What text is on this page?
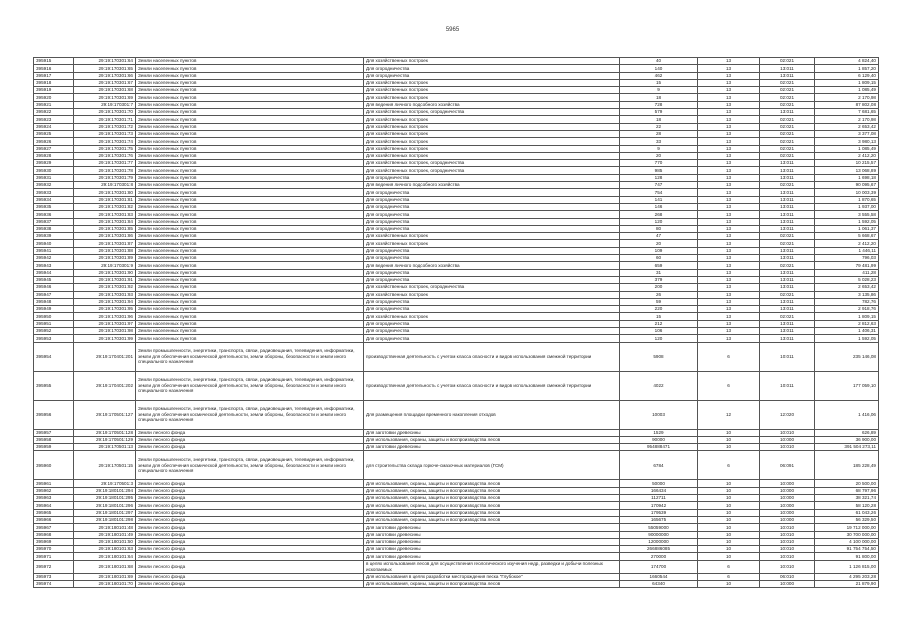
5965
395915	29:19:170301:64	Земли населенных пунктов	Для хозяйственных построек	40	13	02:021	4 824,40
395916	29:19:170301:65	Земли населенных пунктов	Для огородничества	140	13	13:011	1 857,20
395917	29:19:170301:66	Земли населенных пунктов	Для огородничества	462	13	13:011	6 129,40
395918	29:19:170301:67	Земли населенных пунктов	Для хозяйственных построек	15	13	02:021	1 809,15
395919	29:19:170301:68	Земли населенных пунктов	Для хозяйственных построек	9	13	02:021	1 085,49
395920	29:19:170301:69	Земли населенных пунктов	Для хозяйственных построек	18	13	02:021	2 170,98
395921	29:19:170301:7	Земли населенных пунктов	Для ведения личного подсобного хозяйства	728	13	02:021	87 802,08
395922	29:19:170301:70	Земли населенных пунктов	Для хозяйственных построек, огородничества	579	13	13:011	7 681,65
395923	29:19:170301:71	Земли населенных пунктов	Для хозяйственных построек	18	13	02:021	2 170,98
395924	29:19:170301:72	Земли населенных пунктов	Для хозяйственных построек	22	13	02:021	2 653,42
395925	29:19:170301:73	Земли населенных пунктов	Для хозяйственных построек	28	13	02:021	3 377,08
395926	29:19:170301:74	Земли населенных пунктов	Для хозяйственных построек	33	13	02:021	3 980,13
395927	29:19:170301:75	Земли населенных пунктов	Для хозяйственных построек	9	13	02:021	1 085,49
395928	29:19:170301:76	Земли населенных пунктов	Для хозяйственных построек	20	13	02:021	2 412,20
395929	29:19:170301:77	Земли населенных пунктов	Для хозяйственных построек, огородничества	770	13	13:011	10 215,57
395930	29:19:170301:78	Земли населенных пунктов	Для хозяйственных построек, огородничества	985	13	13:011	13 068,89
395931	29:19:170301:79	Земли населенных пунктов	Для огородничества	128	13	13:011	1 698,18
395932	29:19:170301:8	Земли населенных пунктов	Для ведения личного подсобного хозяйства	747	13	02:021	90 095,67
395933	29:19:170301:80	Земли населенных пунктов	Для огородничества	754	13	13:011	10 003,39
395934	29:19:170301:81	Земли населенных пунктов	Для огородничества	141	13	13:011	1 870,65
395935	29:19:170301:82	Земли населенных пунктов	Для огородничества	146	13	13:011	1 937,00
395936	29:19:170301:83	Земли населенных пунктов	Для огородничества	268	13	13:011	3 555,58
395937	29:19:170301:84	Земли населенных пунктов	Для огородничества	120	13	13:011	1 592,05
395938	29:19:170301:85	Земли населенных пунктов	Для огородничества	80	13	13:011	1 061,37
395939	29:19:170301:86	Земли населенных пунктов	Для хозяйственных построек	47	13	02:021	5 668,67
395940	29:19:170301:87	Земли населенных пунктов	Для хозяйственных построек	20	13	02:021	2 412,20
395941	29:19:170301:88	Земли населенных пунктов	Для огородничества	109	13	13:011	1 446,11
395942	29:19:170301:89	Земли населенных пунктов	Для огородничества	60	13	13:011	796,03
395943	29:19:170301:9	Земли населенных пунктов	Для ведения личного подсобного хозяйства	659	13	02:021	79 481,99
395944	29:19:170301:90	Земли населенных пунктов	Для огородничества	31	13	13:011	411,28
395945	29:19:170301:91	Земли населенных пунктов	Для огородничества	379	13	13:011	5 028,23
395946	29:19:170301:92	Земли населенных пунктов	Для хозяйственных построек, огородничества	200	13	13:011	2 653,42
395947	29:19:170301:93	Земли населенных пунктов	Для хозяйственных построек	26	13	02:021	3 135,86
395948	29:19:170301:94	Земли населенных пунктов	Для огородничества	59	13	13:011	782,76
395949	29:19:170301:95	Земли населенных пунктов	Для огородничества	220	13	13:011	2 918,76
395950	29:19:170301:96	Земли населенных пунктов	Для хозяйственных построек	15	13	02:021	1 809,15
395951	29:19:170301:97	Земли населенных пунктов	Для огородничества	212	13	13:011	2 812,63
395952	29:19:170301:98	Земли населенных пунктов	Для огородничества	106	13	13:011	1 406,31
395953	29:19:170301:99	Земли населенных пунктов	Для огородничества	120	13	13:011	1 592,05
395954	29:19:170401:201	Земли промышленности, энергетики, транспорта, связи, радиовещания, телевидения, информатики, земли для обеспечения космической деятельности, земли обороны, безопасности и земли иного специального назначения	производственная деятельность с учетом класса опасности и видов использования смежной территории	5908	6	10:011	235 146,08
395955	29:19:170401:202	Земли промышленности, энергетики, транспорта, связи, радиовещания, телевидения, информатики, земли для обеспечения космической деятельности, земли обороны, безопасности и земли иного специального назначения	производственная деятельность с учетом класса опасности и видов использования смежной территории	4022	6	10:011	177 059,10
395956	29:19:170501:127	Земли промышленности, энергетики, транспорта, связи, радиовещания, телевидения, информатики, земли для обеспечения космической деятельности, земли обороны, безопасности и земли иного специального назначения	Для размещения площадки временного накопления отходов	10003	12	12:020	1 416,06
395957	29:19:170501:128	Земли лесного фонда	Для заготовки древесины	1529	10	10:010	626,89
395958	29:19:170501:129	Земли лесного фонда	Для использования, охраны, защиты и воспроизводства лесов	90000	10	10:000	36 900,00
395959	29:19:170501:13	Земли лесного фонда	Для заготовки древесины	954888471	10	10:010	391 504 273,11
395960	29:19:170501:15	Земли промышленности, энергетики, транспорта, связи, радиовещания, телевидения, информатики, земли для обеспечения космической деятельности, земли обороны, безопасности и земли иного специального назначения	для строительства склада горюче-смазочных материалов (ГСМ)	6784	6	06:091	185 228,49
395961	29:19:170501:3	Земли лесного фонда	Для использования, охраны, защиты и воспроизводства лесов	50000	10	10:000	20 500,00
395962	29:19:180101:294	Земли лесного фонда	Для использования, охраны, защиты и воспроизводства лесов	166434	10	10:000	68 797,96
395963	29:19:180101:295	Земли лесного фонда	Для использования, охраны, защиты и воспроизводства лесов	112711	10	10:000	38 321,74
395964	29:19:180101:296	Земли лесного фонда	Для использования, охраны, защиты и воспроизводства лесов	170942	10	10:000	58 120,28
395965	29:19:180101:297	Земли лесного фонда	Для использования, охраны, защиты и воспроизводства лесов	179539	10	10:000	61 043,26
395966	29:19:180101:298	Земли лесного фонда	Для использования, охраны, защиты и воспроизводства лесов	165675	10	10:000	56 329,50
395967	29:19:180101:48	Земли лесного фонда	Для заготовки древесины	55059000	10	10:010	19 712 000,00
395968	29:19:180101:49	Земли лесного фонда	Для заготовки древесины	90000000	10	10:010	30 700 000,00
395969	29:19:180101:50	Земли лесного фонда	Для заготовки древесины	12000000	10	10:010	4 100 000,00
395970	29:19:180101:63	Земли лесного фонда	Для заготовки древесины	266886085	10	10:010	91 754 754,50
395971	29:19:180101:64	Земли лесного фонда	Для заготовки древесины	270000	10	10:010	91 800,00
395972	29:19:180101:68	Земли лесного фонда	в целях использования лесов для осуществления геологического изучения недр, разведки и добычи полезных ископаемых	174700	6	10:010	1 126 815,00
395973	29:19:180101:69	Земли лесного фонда	Для использования в целях разработки месторождения песка "Глубокое"	1660544	6	06:010	4 295 203,28
395974	29:19:180101:70	Земли лесного фонда	Для использования, охраны, защиты и воспроизводства лесов	64340	10	10:000	21 879,90
